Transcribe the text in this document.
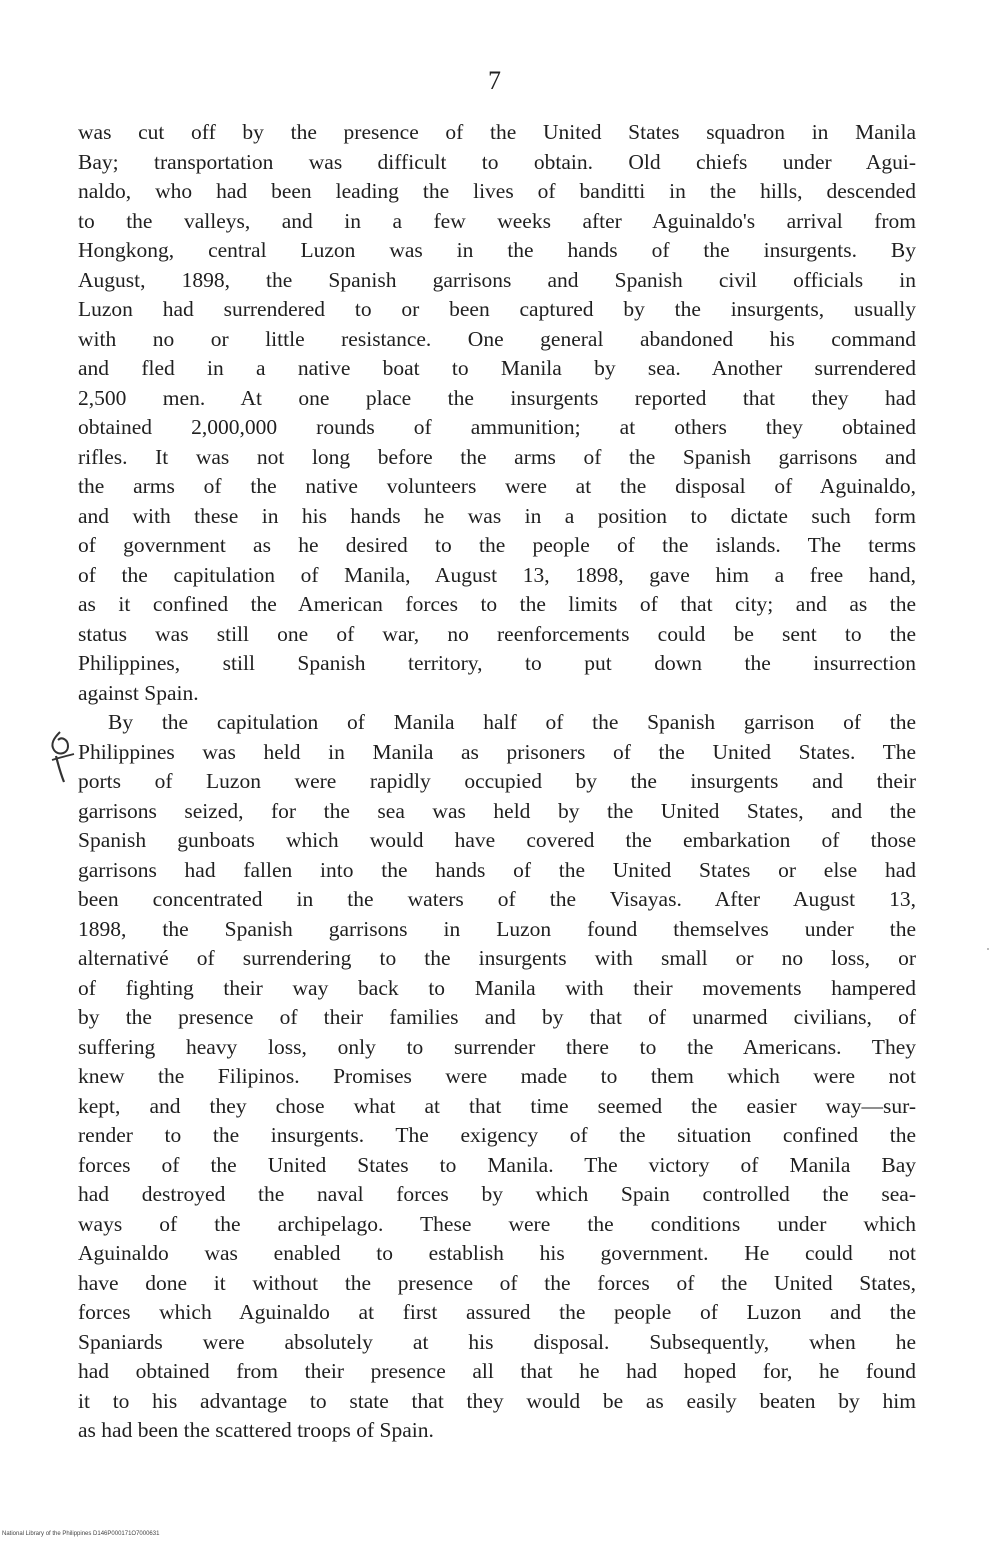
7
was cut off by the presence of the United States squadron in Manila
Bay; transportation was difficult to obtain. Old chiefs under Agui-
naldo, who had been leading the lives of banditti in the hills, descended
to the valleys, and in a few weeks after Aguinaldo's arrival from
Hongkong, central Luzon was in the hands of the insurgents. By
August, 1898, the Spanish garrisons and Spanish civil officials in
Luzon had surrendered to or been captured by the insurgents, usually
with no or little resistance. One general abandoned his command
and fled in a native boat to Manila by sea. Another surrendered
2,500 men. At one place the insurgents reported that they had
obtained 2,000,000 rounds of ammunition; at others they obtained
rifles. It was not long before the arms of the Spanish garrisons and
the arms of the native volunteers were at the disposal of Aguinaldo,
and with these in his hands he was in a position to dictate such form
of government as he desired to the people of the islands. The terms
of the capitulation of Manila, August 13, 1898, gave him a free hand,
as it confined the American forces to the limits of that city; and as the
status was still one of war, no reenforcements could be sent to the
Philippines, still Spanish territory, to put down the insurrection
against Spain.
By the capitulation of Manila half of the Spanish garrison of the
Philippines was held in Manila as prisoners of the United States. The
ports of Luzon were rapidly occupied by the insurgents and their
garrisons seized, for the sea was held by the United States, and the
Spanish gunboats which would have covered the embarkation of those
garrisons had fallen into the hands of the United States or else had
been concentrated in the waters of the Visayas. After August 13,
1898, the Spanish garrisons in Luzon found themselves under the
alternativé of surrendering to the insurgents with small or no loss, or
of fighting their way back to Manila with their movements hampered
by the presence of their families and by that of unarmed civilians, of
suffering heavy loss, only to surrender there to the Americans. They
knew the Filipinos. Promises were made to them which were not
kept, and they chose what at that time seemed the easier way—sur-
render to the insurgents. The exigency of the situation confined the
forces of the United States to Manila. The victory of Manila Bay
had destroyed the naval forces by which Spain controlled the sea-
ways of the archipelago. These were the conditions under which
Aguinaldo was enabled to establish his government. He could not
have done it without the presence of the forces of the United States,
forces which Aguinaldo at first assured the people of Luzon and the
Spaniards were absolutely at his disposal. Subsequently, when he
had obtained from their presence all that he had hoped for, he found
it to his advantage to state that they would be as easily beaten by him
as had been the scattered troops of Spain.
National Library of the Philippines D146P000171O7000631
